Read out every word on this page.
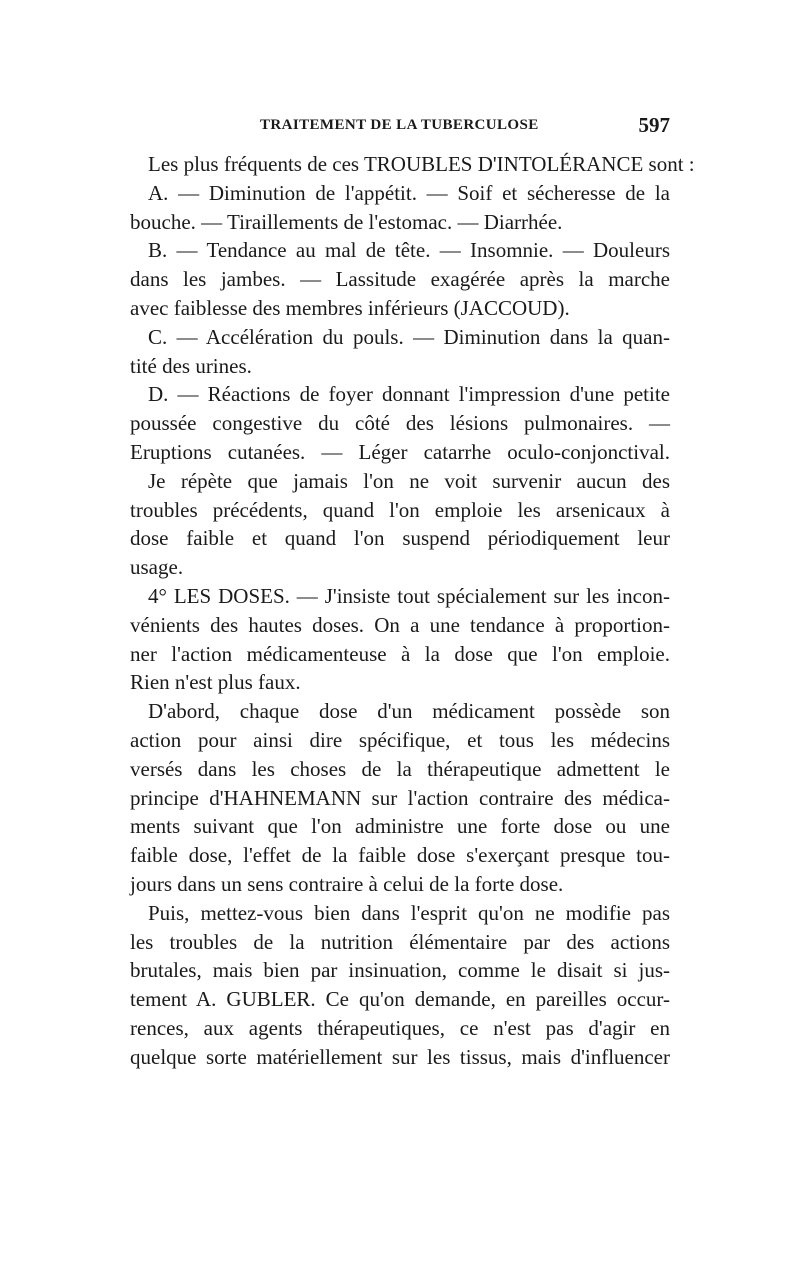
TRAITEMENT DE LA TUBERCULOSE	597
Les plus fréquents de ces TROUBLES D'INTOLÉRANCE sont :
A. — Diminution de l'appétit. — Soif et sécheresse de la
bouche. — Tiraillements de l'estomac. — Diarrhée.
B. — Tendance au mal de tête. — Insomnie. — Douleurs
dans les jambes. — Lassitude exagérée après la marche
avec faiblesse des membres inférieurs (JACCOUD).
C. — Accélération du pouls. — Diminution dans la quan-
tité des urines.
D. — Réactions de foyer donnant l'impression d'une petite
poussée congestive du côté des lésions pulmonaires. —
Eruptions cutanées. — Léger catarrhe oculo-conjonctival.
Je répète que jamais l'on ne voit survenir aucun des
troubles précédents, quand l'on emploie les arsenicaux à
dose faible et quand l'on suspend périodiquement leur
usage.
4° LES DOSES. — J'insiste tout spécialement sur les incon-
vénients des hautes doses. On a une tendance à proportion-
ner l'action médicamenteuse à la dose que l'on emploie.
Rien n'est plus faux.
D'abord, chaque dose d'un médicament possède son
action pour ainsi dire spécifique, et tous les médecins
versés dans les choses de la thérapeutique admettent le
principe d'HAHNEMANN sur l'action contraire des médica-
ments suivant que l'on administre une forte dose ou une
faible dose, l'effet de la faible dose s'exerçant presque tou-
jours dans un sens contraire à celui de la forte dose.
Puis, mettez-vous bien dans l'esprit qu'on ne modifie pas
les troubles de la nutrition élémentaire par des actions
brutales, mais bien par insinuation, comme le disait si jus-
tement A. GUBLER. Ce qu'on demande, en pareilles occur-
rences, aux agents thérapeutiques, ce n'est pas d'agir en
quelque sorte matériellement sur les tissus, mais d'influencer
